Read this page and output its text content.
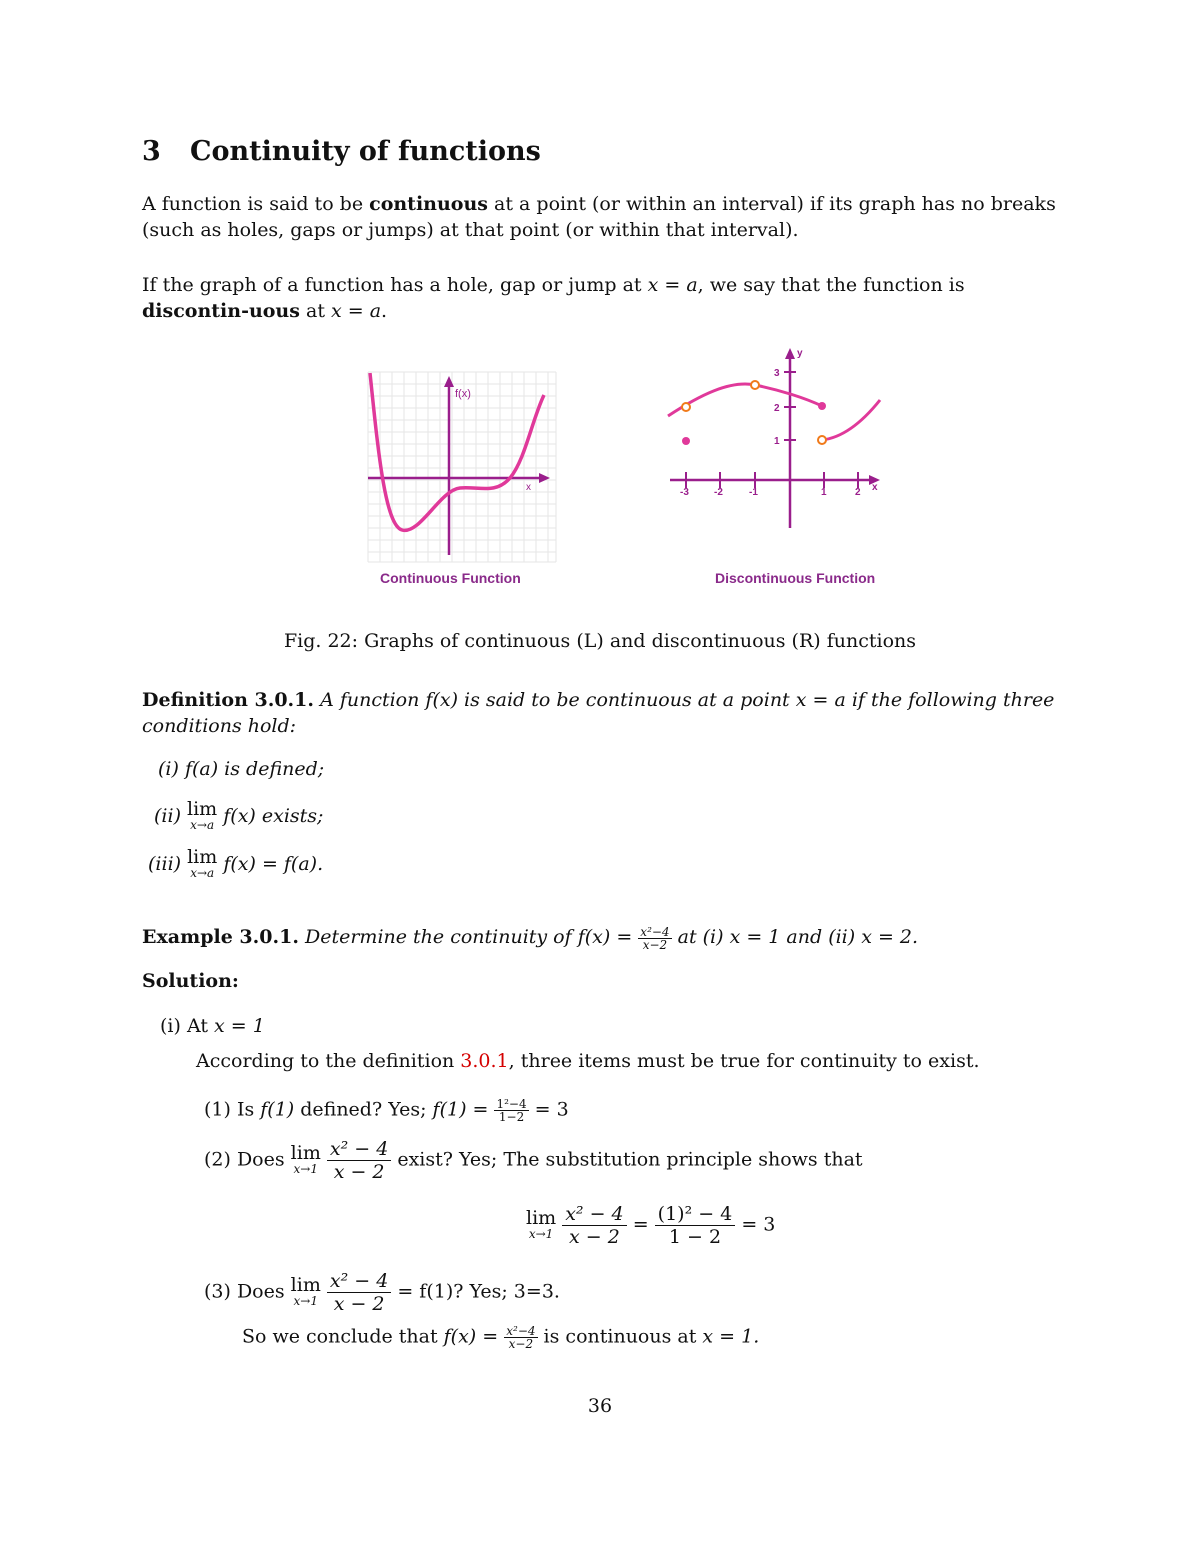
3 Continuity of functions
A function is said to be continuous at a point (or within an interval) if its graph has no breaks (such as holes, gaps or jumps) at that point (or within that interval).
If the graph of a function has a hole, gap or jump at x = a, we say that the function is discontin-uous at x = a.
f(x)
x
Continuous Function
-3	-2	-1	1	2
1
2
3
y
x
Discontinuous Function
Fig. 22: Graphs of continuous (L) and discontinuous (R) functions
Definition 3.0.1. A function f(x) is said to be continuous at a point x = a if the following three conditions hold:
(i) f(a) is defined;
(ii) lim
x→a f(x) exists;
(iii) lim
x→a f(x) = f(a).
Example 3.0.1. Determine the continuity of $f(x) = \frac{\text{x²−4}}{x-2}$ at (i) x = 1 and (ii) x = 2.
Solution:
(i) At x = 1
According to the definition 3.0.1, three items must be true for continuity to exist.
(1) Is f(1) defined? Yes; $f(1) = \frac{\text{1²−4}}{1-2} = 3$
(2) Does lim
x→1
$\frac{\text{x² − 4}}{x - 2}$ exist? Yes; The substitution principle shows that
lim
x→1
$\frac{\text{x² − 4}}{x - 2} = \frac{\text{(1)² − 4}}{1 - 2} = 3$
(3) Does lim
x→1
$\frac{\text{x² − 4}}{x - 2} = f(1)$? Yes; 3=3.
So we conclude that $f(x) = \frac{\text{x²−4}}{x-2}$ is continuous at x = 1.
36
